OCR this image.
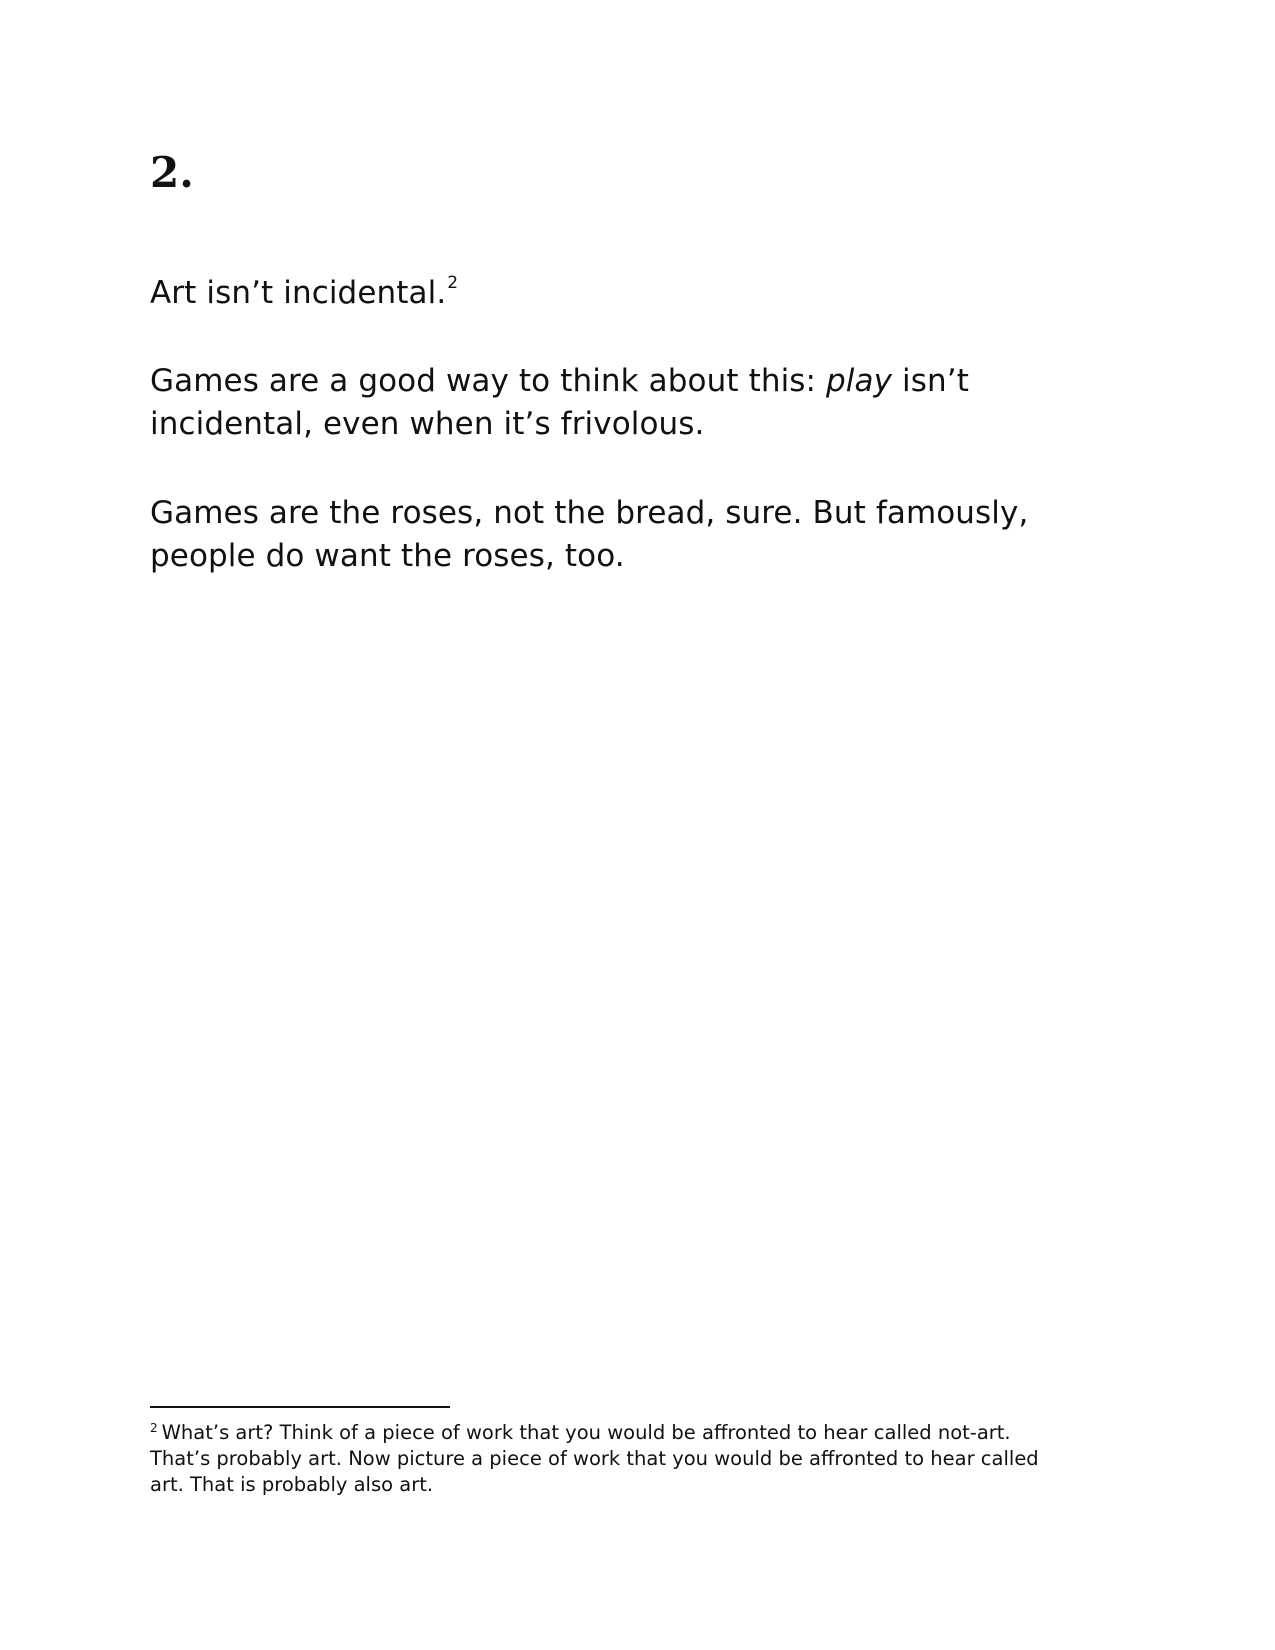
2.

Art isn’t incidental.$^2$

Games are a good way to think about this: play isn’t
incidental, even when it’s frivolous.

Games are the roses, not the bread, sure. But famously,
people do want the roses, too.

$^2$ What’s art? Think of a piece of work that you would be affronted to hear called not-art.
That’s probably art. Now picture a piece of work that you would be affronted to hear called
art. That is probably also art.
